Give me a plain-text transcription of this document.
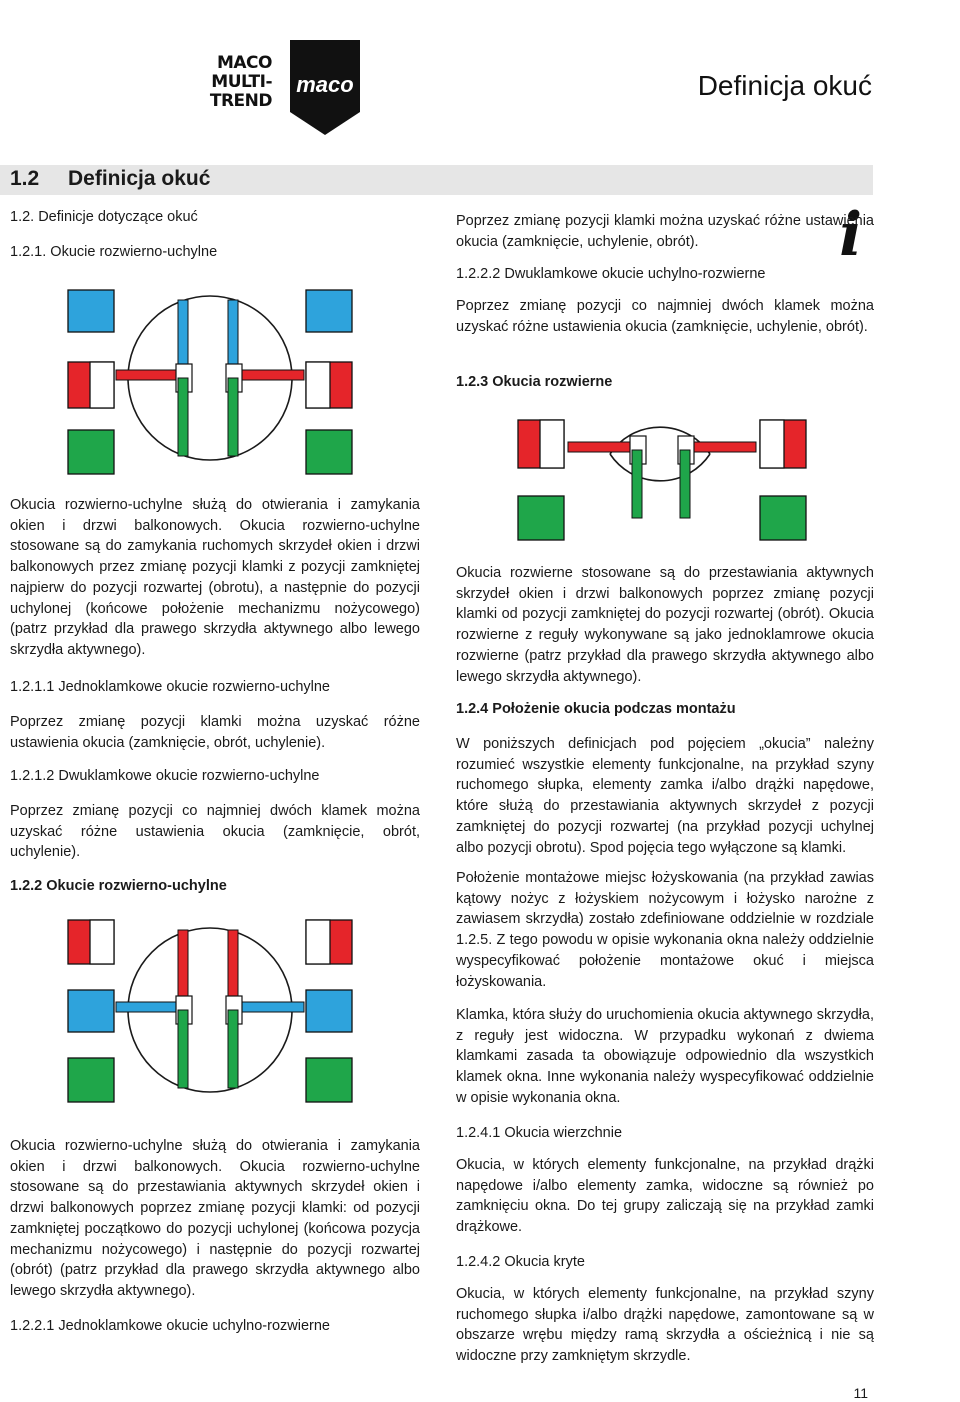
MACO
MULTI-TREND
maco	Definicja okuć
1.2 Definicja okuć
i
1.2. Definicje dotyczące okuć
1.2.1. Okucie rozwierno-uchylne
Okucia rozwierno-uchylne służą do otwierania i zamykania okien i drzwi balkonowych. Okucia rozwierno-uchylne stosowane są do zamykania ruchomych skrzydeł okien i drzwi balkonowych przez zmianę pozycji klamki z pozycji zamkniętej najpierw do pozycji rozwartej (obrotu), a następnie do pozycji uchylonej (końcowe położenie mechanizmu nożycowego) (patrz przykład dla prawego skrzydła aktywnego albo lewego skrzydła aktywnego).
1.2.1.1 Jednoklamkowe okucie rozwierno-uchylne
Poprzez zmianę pozycji klamki można uzyskać różne ustawienia okucia (zamknięcie, obrót, uchylenie).
1.2.1.2 Dwuklamkowe okucie rozwierno-uchylne
Poprzez zmianę pozycji co najmniej dwóch klamek można uzyskać różne ustawienia okucia (zamknięcie, obrót, uchylenie).
1.2.2 Okucie rozwierno-uchylne
Okucia rozwierno-uchylne służą do otwierania i zamykania okien i drzwi balkonowych. Okucia rozwierno-uchylne stosowane są do przestawiania aktywnych skrzydeł okien i drzwi balkonowych poprzez zmianę pozycji klamki: od pozycji zamkniętej początkowo do pozycji uchylonej (końcowa pozycja mechanizmu nożycowego) i następnie do pozycji rozwartej (obrót) (patrz przykład dla prawego skrzydła aktywnego albo lewego skrzydła aktywnego).
1.2.2.1 Jednoklamkowe okucie uchylno-rozwierne
Poprzez zmianę pozycji klamki można uzyskać różne ustawienia okucia (zamknięcie, uchylenie, obrót).
1.2.2.2 Dwuklamkowe okucie uchylno-rozwierne
Poprzez zmianę pozycji co najmniej dwóch klamek można uzyskać różne ustawienia okucia (zamknięcie, uchylenie, obrót).
1.2.3 Okucia rozwierne
Okucia rozwierne stosowane są do przestawiania aktywnych skrzydeł okien i drzwi balkonowych poprzez zmianę pozycji klamki od pozycji zamkniętej do pozycji rozwartej (obrót). Okucia rozwierne z reguły wykonywane są jako jednoklamrowe okucia rozwierne (patrz przykład dla prawego skrzydła aktywnego albo lewego skrzydła aktywnego).
1.2.4 Położenie okucia podczas montażu
W poniższych definicjach pod pojęciem „okucia” należny rozumieć wszystkie elementy funkcjonalne, na przykład szyny ruchomego słupka, elementy zamka i/albo drążki napędowe, które służą do przestawiania aktywnych skrzydeł z pozycji zamkniętej do pozycji rozwartej (na przykład pozycji uchylnej albo pozycji obrotu). Spod pojęcia tego wyłączone są klamki.
Położenie montażowe miejsc łożyskowania (na przykład zawias kątowy nożyc z łożyskiem nożycowym i łożysko narożne z zawiasem skrzydła) zostało zdefiniowane oddzielnie w rozdziale 1.2.5. Z tego powodu w opisie wykonania okna należy oddzielnie wyspecyfikować położenie montażowe okuć i miejsca łożyskowania.
Klamka, która służy do uruchomienia okucia aktywnego skrzydła, z reguły jest widoczna. W przypadku wykonań z dwiema klamkami zasada ta obowiązuje odpowiednio dla wszystkich klamek okna. Inne wykonania należy wyspecyfikować oddzielnie w opisie wykonania okna.
1.2.4.1 Okucia wierzchnie
Okucia, w których elementy funkcjonalne, na przykład drążki napędowe i/albo elementy zamka, widoczne są również po zamknięciu okna. Do tej grupy zaliczają się na przykład zamki drążkowe.
1.2.4.2 Okucia kryte
Okucia, w których elementy funkcjonalne, na przykład szyny ruchomego słupka i/albo drążki napędowe, zamontowane są w obszarze wrębu między ramą skrzydła a ościeżnicą i nie są widoczne przy zamkniętym skrzydle.
11
